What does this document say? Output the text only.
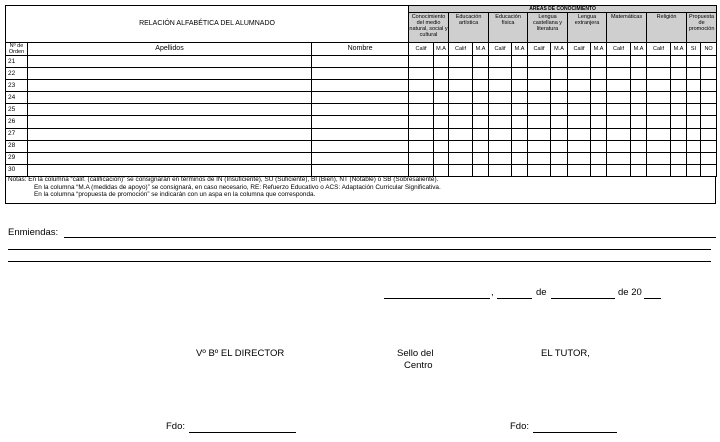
RELACIÓN ALFABÉTICA DEL ALUMNADO			ÁREAS DE CONOCIMIENTO															
			Conocimiento del medio natural, social y cultural		Educación artística		Educación física		Lengua castellana y literatura		Lengua extranjera		Matemáticas		Religión		Propuesta de promoción	
Nº de Orden	Apellidos	Nombre	Calif	M.A	Calif	M.A	Calif	M.A	Calif	M.A	Calif	M.A	Calif	M.A	Calif	M.A	SI	NO
21																		
22																		
23																		
24																		
25																		
26																		
27																		
28																		
29																		
30																		
Notas: En la columna “calif. (calificación)” se consignarán en términos de IN (Insuficiente), SU (Suficiente), BI (Bien), NT (Notable) o SB (Sobresaliente).
En la columna “M.A (medidas de apoyo)” se consignará, en caso necesario, RE: Refuerzo Educativo o ACS: Adaptación Curricular Significativa.
En la columna “propuesta de promoción” se indicarán con un aspa en la columna que corresponda.
Enmiendas:
,	de	de 20
Vº Bº EL DIRECTOR	Sello del
Centro
EL TUTOR,
Fdo:	Fdo:
